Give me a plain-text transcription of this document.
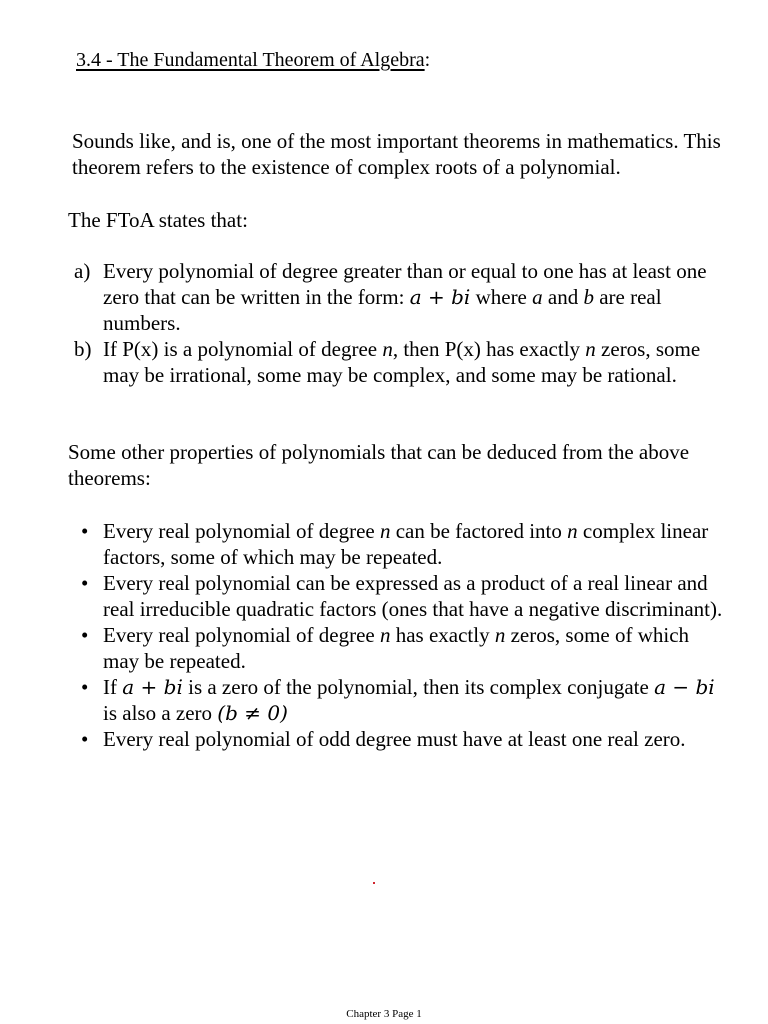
3.4 - The Fundamental Theorem of Algebra:

Sounds like, and is, one of the most important theorems in mathematics. This theorem refers to the existence of complex roots of a polynomial.

The FToA states that:

a) Every polynomial of degree greater than or equal to one has at least one zero that can be written in the form: a + bi where a and b are real numbers.
b) If P(x) is a polynomial of degree n, then P(x) has exactly n zeros, some may be irrational, some may be complex, and some may be rational.

Some other properties of polynomials that can be deduced from the above theorems:

• Every real polynomial of degree n can be factored into n complex linear factors, some of which may be repeated.
• Every real polynomial can be expressed as a product of a real linear and real irreducible quadratic factors (ones that have a negative discriminant).
• Every real polynomial of degree n has exactly n zeros, some of which may be repeated.
• If a + bi is a zero of the polynomial, then its complex conjugate a − bi is also a zero (b ≠ 0)
• Every real polynomial of odd degree must have at least one real zero.
Chapter 3 Page 1
